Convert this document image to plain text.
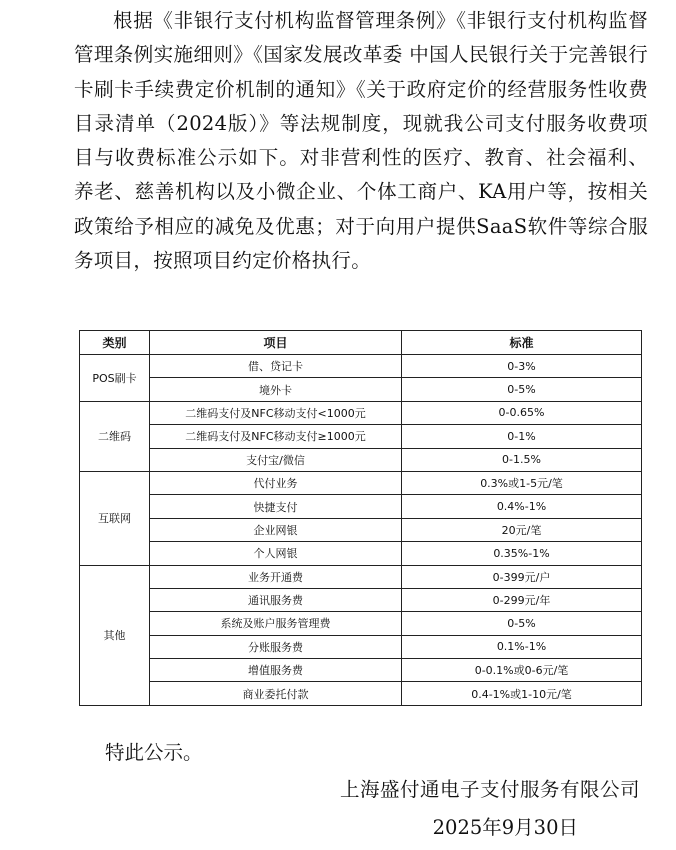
根据《非银行支付机构监督管理条例》《非银行支付机构监督管理条例实施细则》《国家发展改革委 中国人民银行关于完善银行卡刷卡手续费定价机制的通知》《关于政府定价的经营服务性收费目录清单（2024版）》等法规制度，现就我公司支付服务收费项目与收费标准公示如下。对非营利性的医疗、教育、社会福利、养老、慈善机构以及小微企业、个体工商户、KA用户等，按相关政策给予相应的减免及优惠；对于向用户提供SaaS软件等综合服务项目，按照项目约定价格执行。
类别	项目	标准
POS刷卡	借、贷记卡	0-3%
	境外卡	0-5%
二维码	二维码支付及NFC移动支付<1000元	0-0.65%
	二维码支付及NFC移动支付≥1000元	0-1%
	支付宝/微信	0-1.5%
互联网	代付业务	0.3%或1-5元/笔
	快捷支付	0.4%-1%
	企业网银	20元/笔
	个人网银	0.35%-1%
其他	业务开通费	0-399元/户
	通讯服务费	0-299元/年
	系统及账户服务管理费	0-5%
	分账服务费	0.1%-1%
	增值服务费	0-0.1%或0-6元/笔
	商业委托付款	0.4-1%或1-10元/笔
特此公示。
上海盛付通电子支付服务有限公司
2025年9月30日
